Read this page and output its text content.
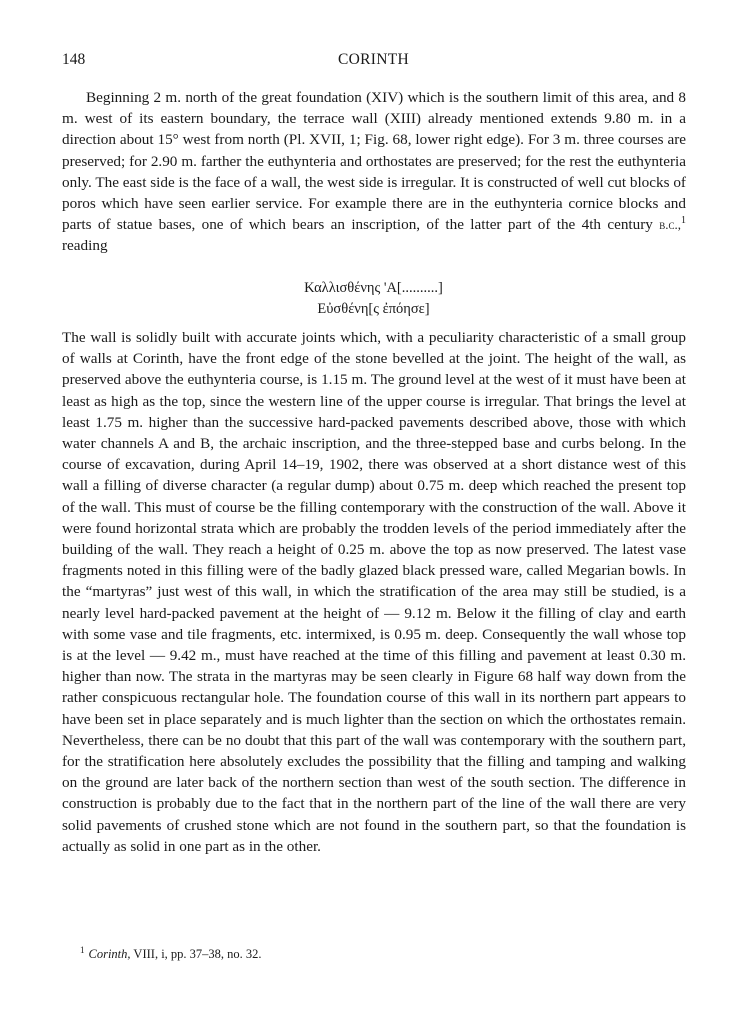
148	CORINTH

Beginning 2 m. north of the great foundation (XIV) which is the southern limit of this area, and 8 m. west of its eastern boundary, the terrace wall (XIII) already mentioned extends 9.80 m. in a direction about 15° west from north (Pl. XVII, 1; Fig. 68, lower right edge). For 3 m. three courses are preserved; for 2.90 m. farther the euthynteria and orthostates are preserved; for the rest the euthynteria only. The east side is the face of a wall, the west side is irregular. It is constructed of well cut blocks of poros which have seen earlier service. For example there are in the euthynteria cornice blocks and parts of statue bases, one of which bears an inscription, of the latter part of the 4th century b.c.,$^1$ reading

Καλλισθένης 'Α[..........]
Εὐσθένη[ς ἐπόησε]

The wall is solidly built with accurate joints which, with a peculiarity characteristic of a small group of walls at Corinth, have the front edge of the stone bevelled at the joint. The height of the wall, as preserved above the euthynteria course, is 1.15 m. The ground level at the west of it must have been at least as high as the top, since the western line of the upper course is irregular. That brings the level at least 1.75 m. higher than the successive hard-packed pavements described above, those with which water channels A and B, the archaic inscription, and the three-stepped base and curbs belong. In the course of excavation, during April 14–19, 1902, there was observed at a short distance west of this wall a filling of diverse character (a regular dump) about 0.75 m. deep which reached the present top of the wall. This must of course be the filling contemporary with the construction of the wall. Above it were found horizontal strata which are probably the trodden levels of the period immediately after the building of the wall. They reach a height of 0.25 m. above the top as now preserved. The latest vase fragments noted in this filling were of the badly glazed black pressed ware, called Megarian bowls. In the “martyras” just west of this wall, in which the stratification of the area may still be studied, is a nearly level hard-packed pavement at the height of — 9.12 m. Below it the filling of clay and earth with some vase and tile fragments, etc. intermixed, is 0.95 m. deep. Consequently the wall whose top is at the level — 9.42 m., must have reached at the time of this filling and pavement at least 0.30 m. higher than now. The strata in the martyras may be seen clearly in Figure 68 half way down from the rather conspicuous rectangular hole. The foundation course of this wall in its northern part appears to have been set in place separately and is much lighter than the section on which the orthostates remain. Nevertheless, there can be no doubt that this part of the wall was contemporary with the southern part, for the stratification here absolutely excludes the possibility that the filling and tamping and walking on the ground are later back of the northern section than west of the south section. The difference in construction is probably due to the fact that in the northern part of the line of the wall there are very solid pavements of crushed stone which are not found in the southern part, so that the foundation is actually as solid in one part as in the other.

$^1$ Corinth, VIII, i, pp. 37–38, no. 32.
